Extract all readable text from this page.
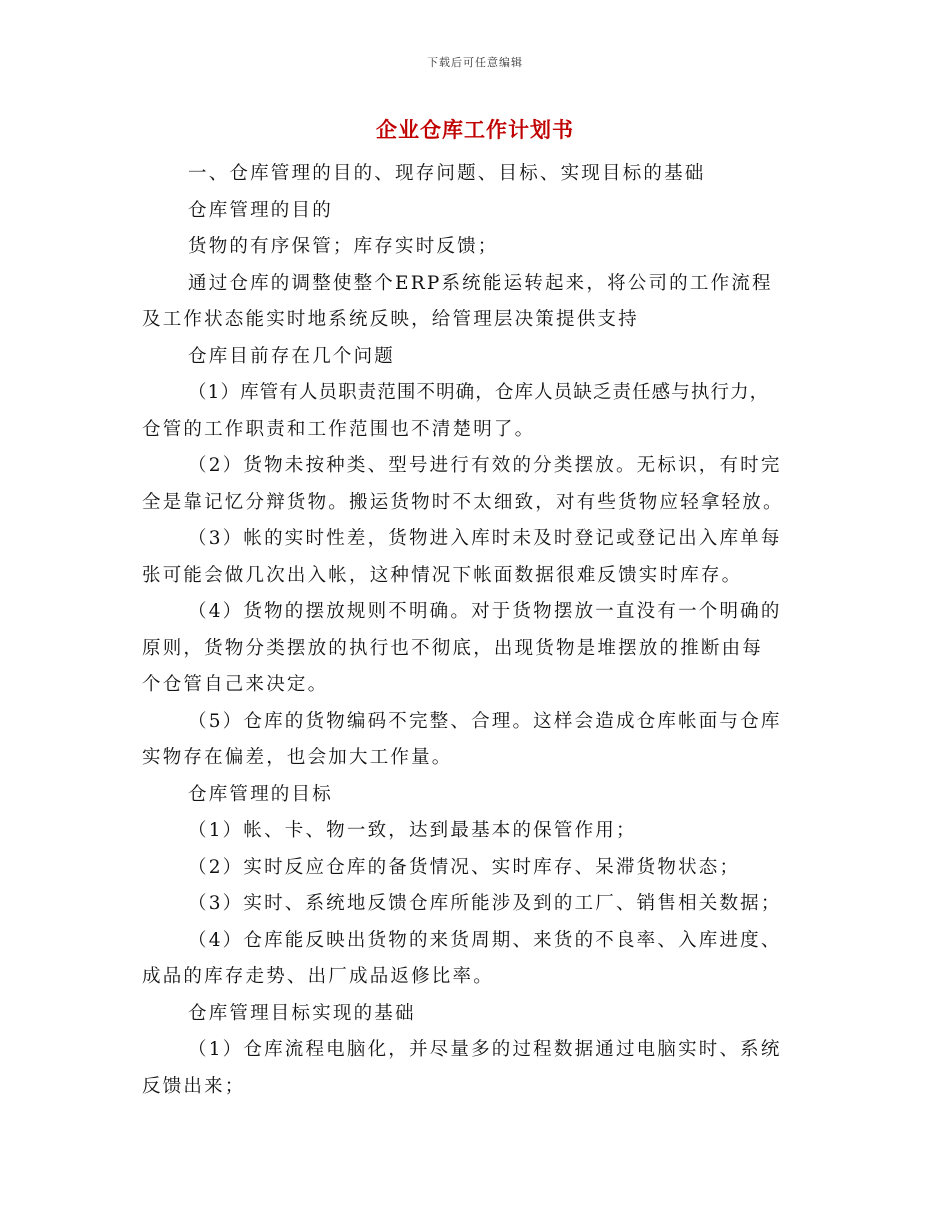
下载后可任意编辑
企业仓库工作计划书

一、仓库管理的目的、现存问题、目标、实现目标的基础

仓库管理的目的

货物的有序保管；库存实时反馈；

通过仓库的调整使整个ERP系统能运转起来，将公司的工作流程

及工作状态能实时地系统反映，给管理层决策提供支持

仓库目前存在几个问题

（1）库管有人员职责范围不明确，仓库人员缺乏责任感与执行力，

仓管的工作职责和工作范围也不清楚明了。

（2）货物未按种类、型号进行有效的分类摆放。无标识，有时完

全是靠记忆分辩货物。搬运货物时不太细致，对有些货物应轻拿轻放。

（3）帐的实时性差，货物进入库时未及时登记或登记出入库单每

张可能会做几次出入帐，这种情况下帐面数据很难反馈实时库存。

（4）货物的摆放规则不明确。对于货物摆放一直没有一个明确的

原则，货物分类摆放的执行也不彻底，出现货物是堆摆放的推断由每

个仓管自己来决定。

（5）仓库的货物编码不完整、合理。这样会造成仓库帐面与仓库

实物存在偏差，也会加大工作量。

仓库管理的目标

（1）帐、卡、物一致，达到最基本的保管作用；

（2）实时反应仓库的备货情况、实时库存、呆滞货物状态；

（3）实时、系统地反馈仓库所能涉及到的工厂、销售相关数据；

（4）仓库能反映出货物的来货周期、来货的不良率、入库进度、

成品的库存走势、出厂成品返修比率。

仓库管理目标实现的基础

（1）仓库流程电脑化，并尽量多的过程数据通过电脑实时、系统

反馈出来；
